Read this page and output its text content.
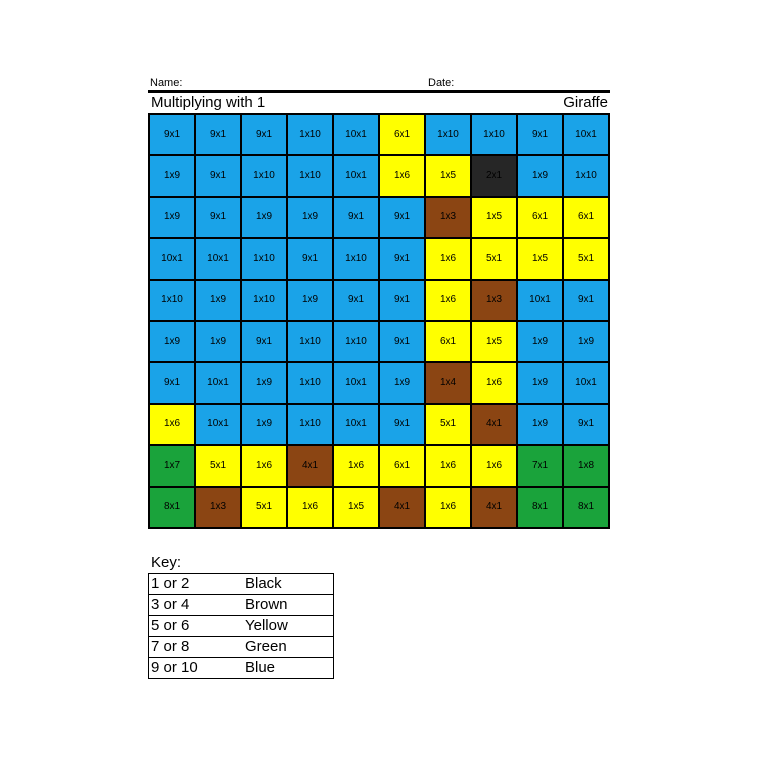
Name:	Date:
Multiplying with 1	Giraffe
9x1	9x1	9x1	1x10	10x1	6x1	1x10	1x10	9x1	10x1
1x9	9x1	1x10	1x10	10x1	1x6	1x5	2x1	1x9	1x10
1x9	9x1	1x9	1x9	9x1	9x1	1x3	1x5	6x1	6x1
10x1	10x1	1x10	9x1	1x10	9x1	1x6	5x1	1x5	5x1
1x10	1x9	1x10	1x9	9x1	9x1	1x6	1x3	10x1	9x1
1x9	1x9	9x1	1x10	1x10	9x1	6x1	1x5	1x9	1x9
9x1	10x1	1x9	1x10	10x1	1x9	1x4	1x6	1x9	10x1
1x6	10x1	1x9	1x10	10x1	9x1	5x1	4x1	1x9	9x1
1x7	5x1	1x6	4x1	1x6	6x1	1x6	1x6	7x1	1x8
8x1	1x3	5x1	1x6	1x5	4x1	1x6	4x1	8x1	8x1
Key:
1 or 2	Black
3 or 4	Brown
5 or 6	Yellow
7 or 8	Green
9 or 10	Blue
